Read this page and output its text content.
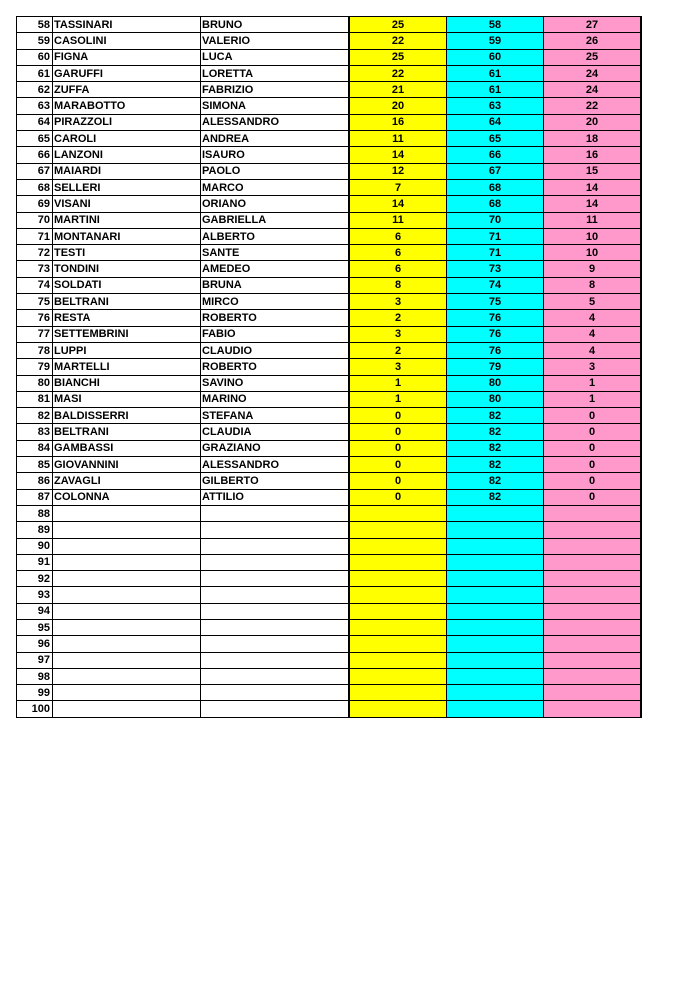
58	TASSINARI	BRUNO	25	58	27
59	CASOLINI	VALERIO	22	59	26
60	FIGNA	LUCA	25	60	25
61	GARUFFI	LORETTA	22	61	24
62	ZUFFA	FABRIZIO	21	61	24
63	MARABOTTO	SIMONA	20	63	22
64	PIRAZZOLI	ALESSANDRO	16	64	20
65	CAROLI	ANDREA	11	65	18
66	LANZONI	ISAURO	14	66	16
67	MAIARDI	PAOLO	12	67	15
68	SELLERI	MARCO	7	68	14
69	VISANI	ORIANO	14	68	14
70	MARTINI	GABRIELLA	11	70	11
71	MONTANARI	ALBERTO	6	71	10
72	TESTI	SANTE	6	71	10
73	TONDINI	AMEDEO	6	73	9
74	SOLDATI	BRUNA	8	74	8
75	BELTRANI	MIRCO	3	75	5
76	RESTA	ROBERTO	2	76	4
77	SETTEMBRINI	FABIO	3	76	4
78	LUPPI	CLAUDIO	2	76	4
79	MARTELLI	ROBERTO	3	79	3
80	BIANCHI	SAVINO	1	80	1
81	MASI	MARINO	1	80	1
82	BALDISSERRI	STEFANA	0	82	0
83	BELTRANI	CLAUDIA	0	82	0
84	GAMBASSI	GRAZIANO	0	82	0
85	GIOVANNINI	ALESSANDRO	0	82	0
86	ZAVAGLI	GILBERTO	0	82	0
87	COLONNA	ATTILIO	0	82	0
88					
89					
90					
91					
92					
93					
94					
95					
96					
97					
98					
99					
100					
